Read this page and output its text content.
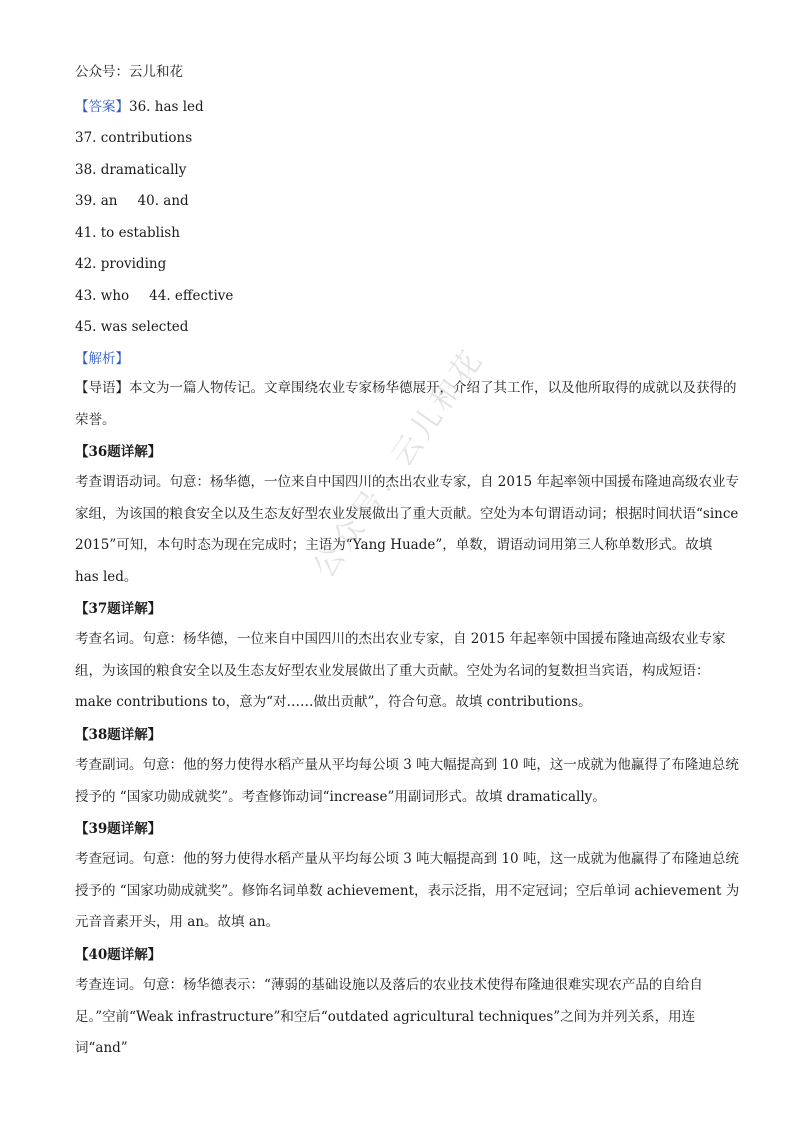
公众号：云儿和花
【答案】36. has led
37. contributions
38. dramatically
39. an 40. and
41. to establish
42. providing
43. who 44. effective
45. was selected
【解析】
【导语】本文为一篇人物传记。文章围绕农业专家杨华德展开，介绍了其工作，以及他所取得的成就以及获得的荣誉。
【36题详解】
考查谓语动词。句意：杨华德，一位来自中国四川的杰出农业专家，自 2015 年起率领中国援布隆迪高级农业专家组，为该国的粮食安全以及生态友好型农业发展做出了重大贡献。空处为本句谓语动词；根据时间状语“since 2015”可知，本句时态为现在完成时；主语为“Yang Huade”，单数，谓语动词用第三人称单数形式。故填 has led。
【37题详解】
考查名词。句意：杨华德，一位来自中国四川的杰出农业专家，自 2015 年起率领中国援布隆迪高级农业专家组，为该国的粮食安全以及生态友好型农业发展做出了重大贡献。空处为名词的复数担当宾语，构成短语：make contributions to，意为“对……做出贡献”，符合句意。故填 contributions。
【38题详解】
考查副词。句意：他的努力使得水稻产量从平均每公顷 3 吨大幅提高到 10 吨，这一成就为他赢得了布隆迪总统授予的 “国家功勋成就奖”。考查修饰动词“increase”用副词形式。故填 dramatically。
【39题详解】
考查冠词。句意：他的努力使得水稻产量从平均每公顷 3 吨大幅提高到 10 吨，这一成就为他赢得了布隆迪总统授予的 “国家功勋成就奖”。修饰名词单数 achievement，表示泛指，用不定冠词；空后单词 achievement 为元音音素开头，用 an。故填 an。
【40题详解】
考查连词。句意：杨华德表示：“薄弱的基础设施以及落后的农业技术使得布隆迪很难实现农产品的自给自足。”空前“Weak infrastructure”和空后“outdated agricultural techniques”之间为并列关系，用连词“and”
公众号：云儿和花
